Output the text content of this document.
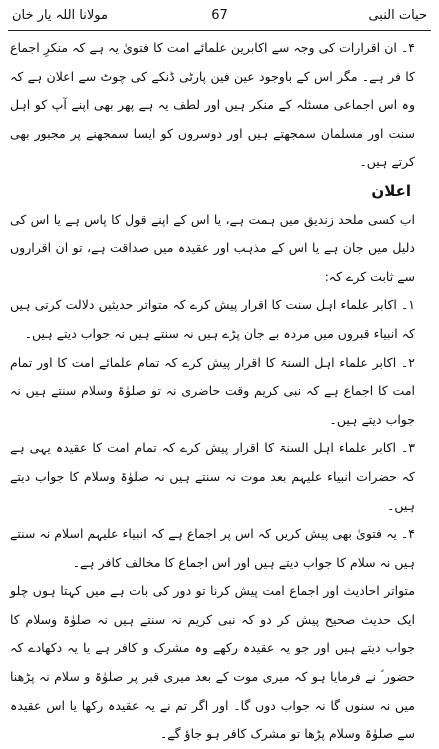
67	حیات النبی
مولانا اللہ یار خان

۴۔ ان اقرارات کی وجہ سے اکابرین علمائے امت کا فتویٰ یہ ہے کہ منکرِ اجماع کا فر ہے۔ مگر اس کے باوجود عین فین پارٹی ڈنکے کی چوٹ سے اعلان ہے کہ وہ اس اجماعی مسئلہ کے منکر ہیں اور لطف یہ ہے پھر بھی اپنے آپ کو اہل سنت اور مسلمان سمجھتے ہیں اور دوسروں کو ایسا سمجھنے پر مجبور بھی کرتے ہیں۔

اعلان

اب کسی ملحد زندیق میں ہمت ہے، یا اس کے اپنے قول کا پاس ہے یا اس کی دلیل میں جان ہے یا اس کے مذہب اور عقیدہ میں صداقت ہے، تو ان اقراروں سے ثابت کرے کہ:

۱۔ اکابر علماء اہل سنت کا اقرار پیش کرے کہ متواتر حدیثیں دلالت کرتی ہیں کہ انبیاء قبروں میں مردہ بے جان پڑے ہیں نہ سنتے ہیں نہ جواب دیتے ہیں۔

۲۔ اکابر علماء اہل السنۃ کا اقرار پیش کرے کہ تمام علمائے امت کا اور تمام امت کا اجماع ہے کہ نبی کریم وقت حاضری نہ تو صلوٰۃ وسلام سنتے ہیں نہ جواب دیتے ہیں۔

۳۔ اکابر علماء اہل السنۃ کا اقرار پیش کرے کہ تمام امت کا عقیدہ یہی ہے کہ حضرات انبیاء علیہم بعد موت نہ سنتے ہیں نہ صلوٰۃ وسلام کا جواب دیتے ہیں۔

۴۔ یہ فتویٰ بھی پیش کریں کہ اس پر اجماع ہے کہ انبیاء علیہم اسلام نہ سنتے ہیں نہ سلام کا جواب دیتے ہیں اور اس اجماع کا مخالف کافر ہے۔

متواتر احادیث اور اجماع امت پیش کرنا تو دور کی بات ہے میں کہتا ہوں چلو ایک حدیث صحیح پیش کر دو کہ نبی کریم نہ سنتے ہیں نہ صلوٰۃ وسلام کا جواب دیتے ہیں اور جو یہ عقیدہ رکھے وہ مشرک و کافر ہے یا یہ دکھادے کہ حضور ؐ نے فرمایا ہو کہ میری موت کے بعد میری قبر پر صلوٰۃ و سلام نہ پڑھنا میں نہ سنوں گا نہ جواب دوں گا۔ اور اگر تم نے یہ عقیدہ رکھا یا اس عقیدہ سے صلوٰۃ وسلام پڑھا تو مشرک کافر ہو جاؤ گے۔
